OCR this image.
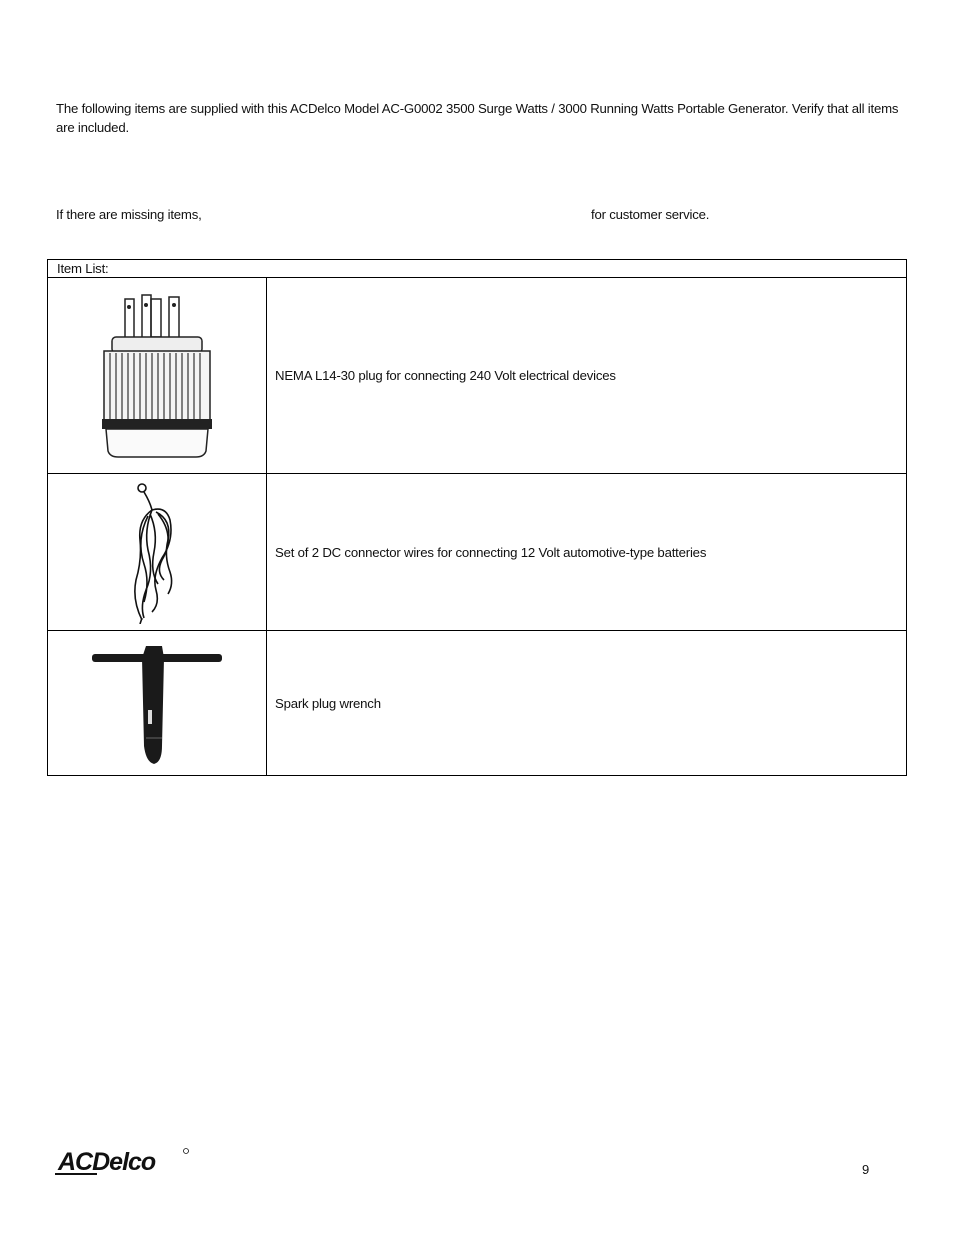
The following items are supplied with this ACDelco Model AC-G0002 3500 Surge Watts / 3000 Running Watts Portable Generator. Verify that all items are included.
If there are missing items,	for customer service.
Item List:	

	NEMA L14-30 plug for connecting 240 Volt electrical devices

	Set of 2 DC connector wires for connecting 12 Volt automotive-type batteries

	Spark plug wrench
ACDelco	9
